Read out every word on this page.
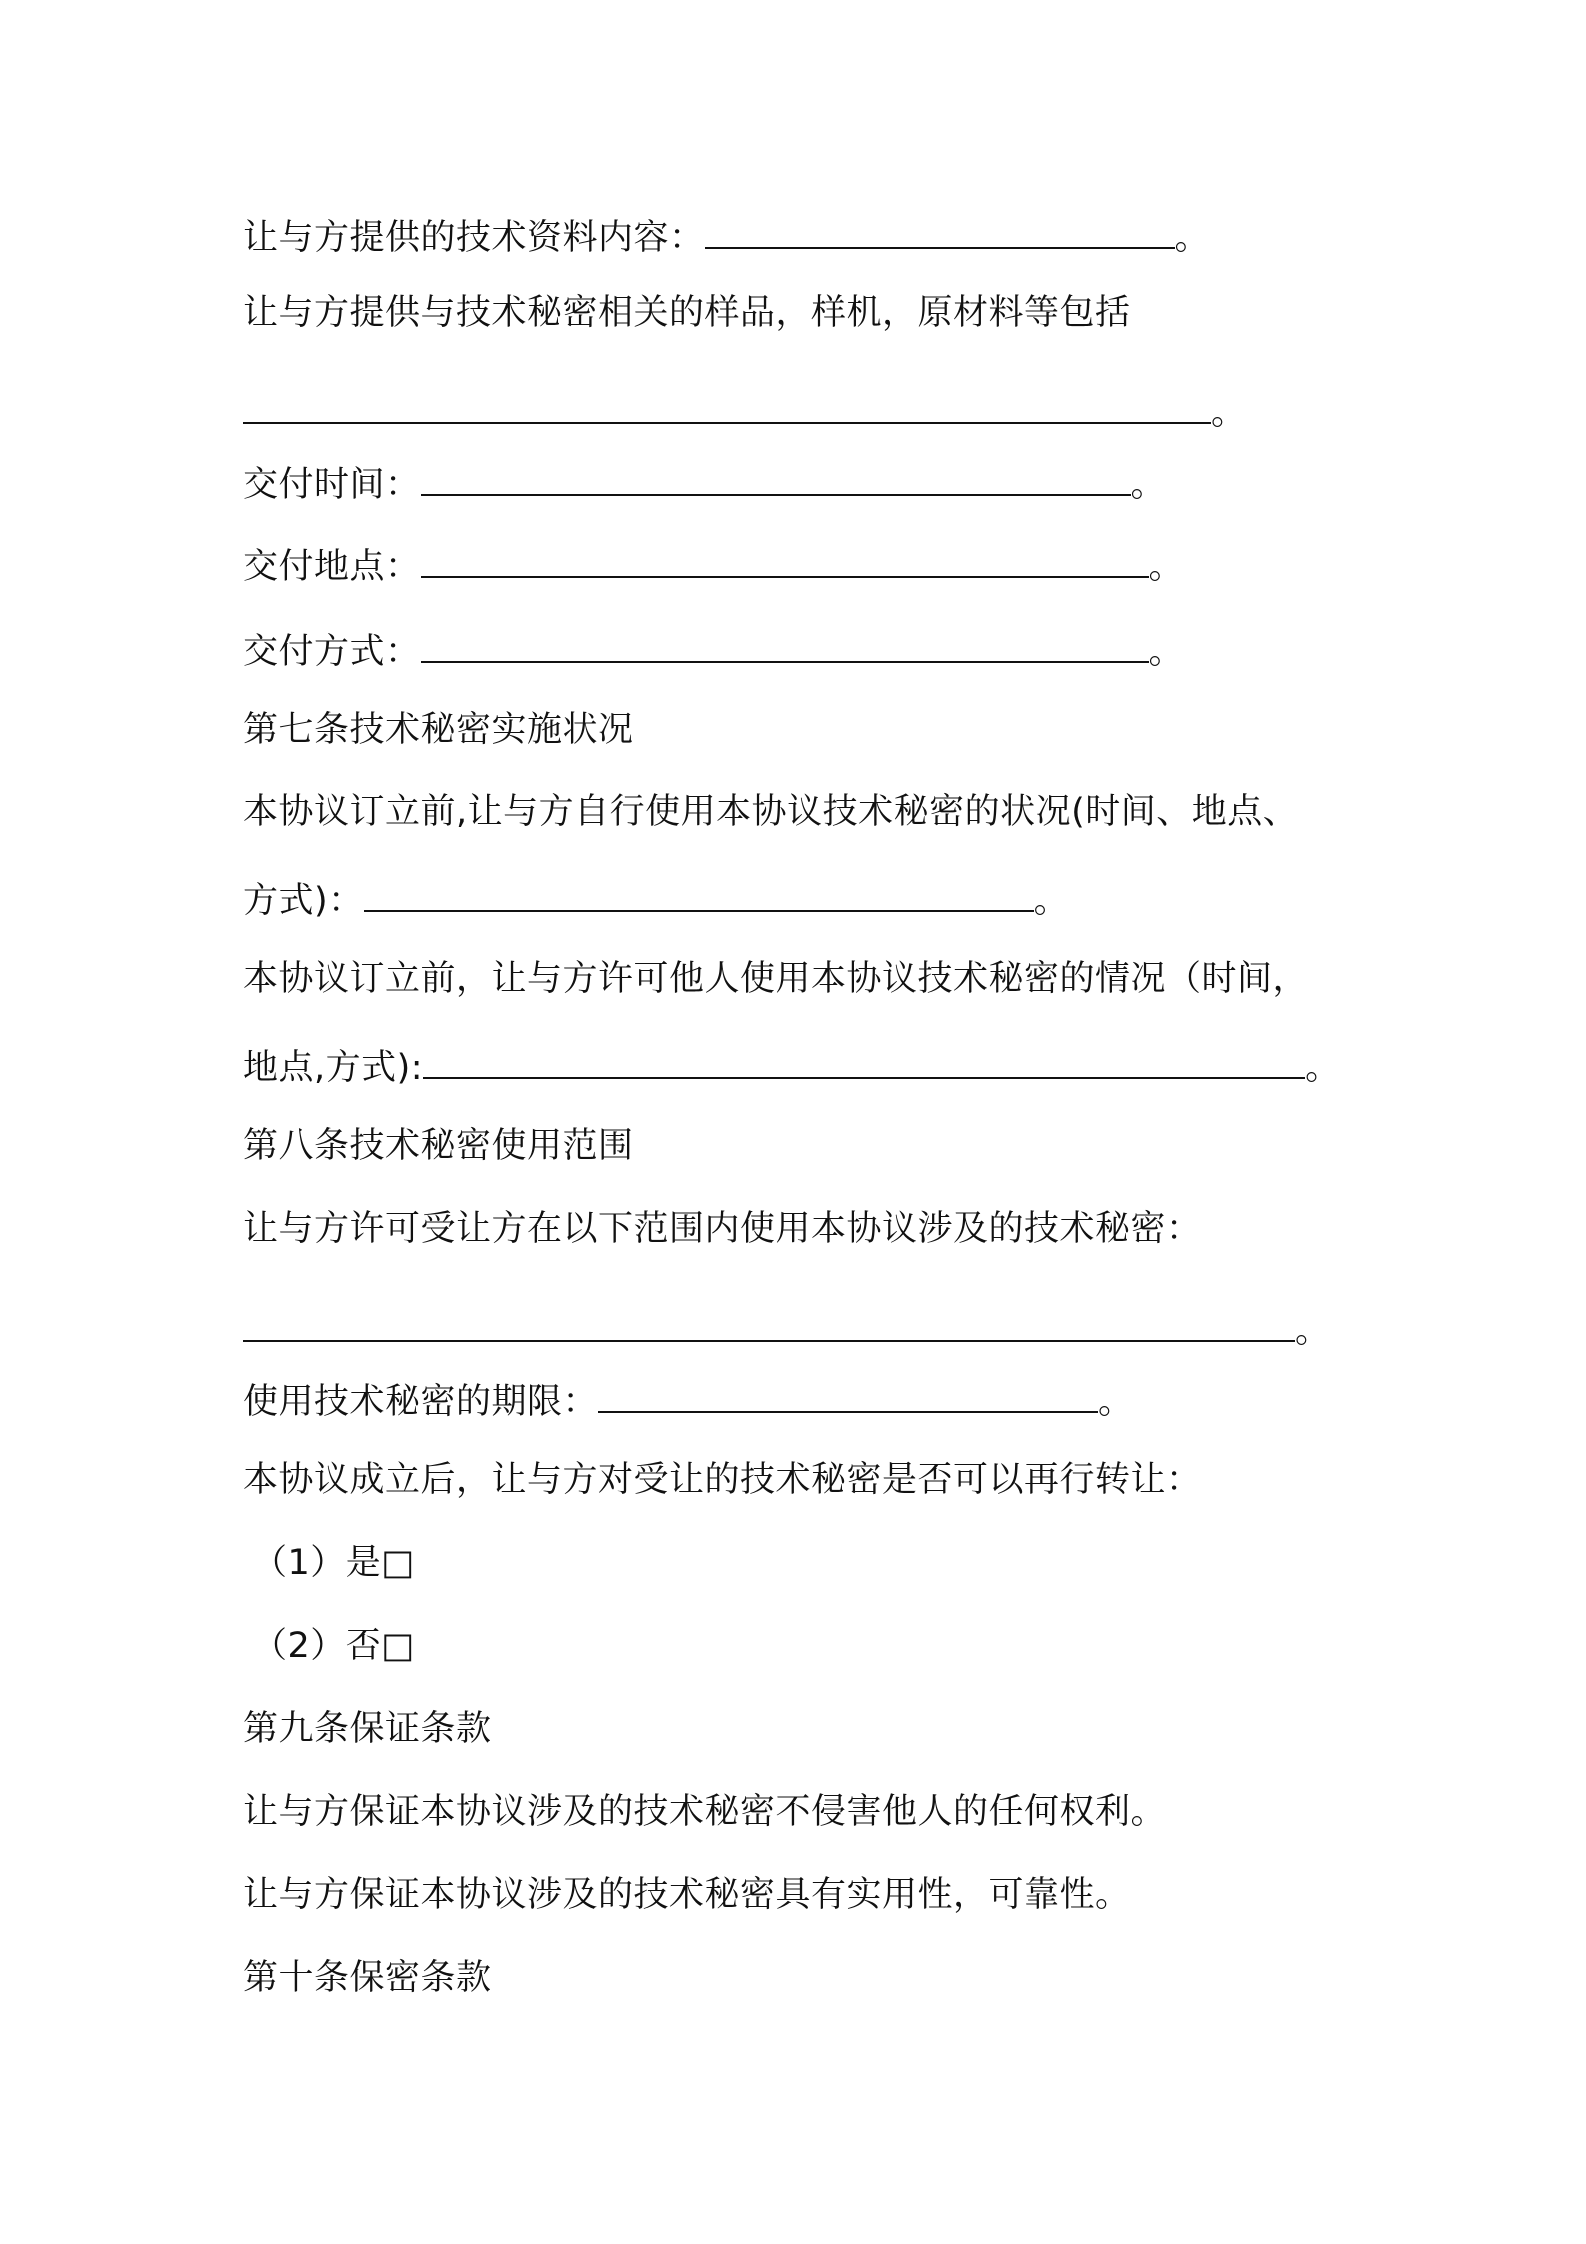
让与方提供的技术资料内容：	。
让与方提供与技术秘密相关的样品，样机，原材料等包括
。
交付时间：	。
交付地点：	。
交付方式：	。
第七条技术秘密实施状况
本协议订立前,让与方自行使用本协议技术秘密的状况(时间、地点、
方式)：	。
本协议订立前，让与方许可他人使用本协议技术秘密的情况（时间，
地点,方式):	。
第八条技术秘密使用范围
让与方许可受让方在以下范围内使用本协议涉及的技术秘密：
。
使用技术秘密的期限：	。
本协议成立后，让与方对受让的技术秘密是否可以再行转让：
（1）是□
（2）否□
第九条保证条款
让与方保证本协议涉及的技术秘密不侵害他人的任何权利。
让与方保证本协议涉及的技术秘密具有实用性，可靠性。
第十条保密条款
